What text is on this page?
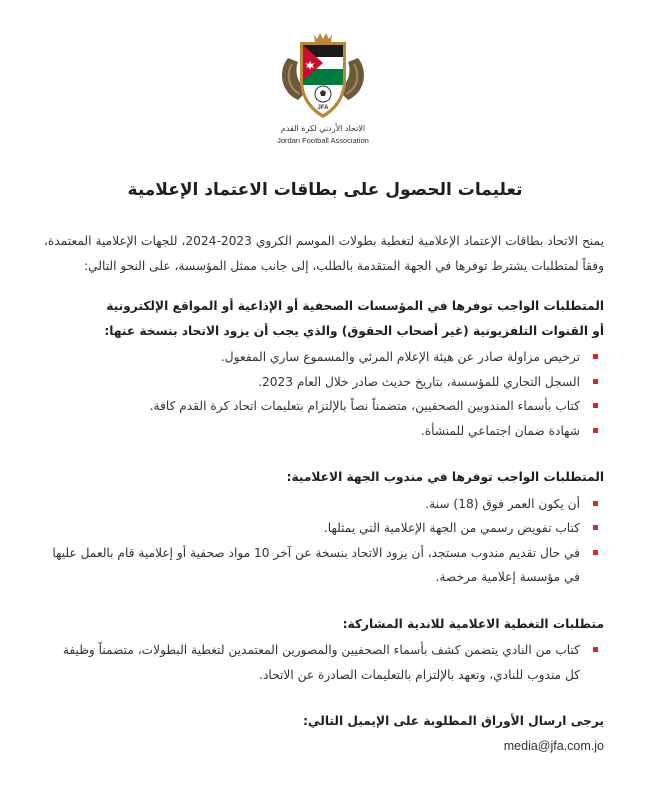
JFA
الاتحاد الأردني لكرة القدم
Jordan Football Association
تعليمات الحصول على بطاقات الاعتماد الإعلامية

يمنح الاتحاد بطاقات الإعتماد الإعلامية لتغطية بطولات الموسم الكروي 2023-2024، للجهات الإعلامية المعتمدة، وفقاً لمتطلبات يشترط توفرها في الجهة المتقدمة بالطلب، إلى جانب ممثل المؤسسة، على النحو التالي:

المتطلبات الواجب توفرها في المؤسسات الصحفية أو الإذاعية أو المواقع الإلكترونية

أو القنوات التلفزيونية (غير أصحاب الحقوق) والذي يجب أن يزود الاتحاد بنسخة عنها:

ترخيص مزاولة صادر عن هيئة الإعلام المرئي والمسموع ساري المفعول.
السجل التجاري للمؤسسة، بتاريخ حديث صادر خلال العام 2023.
كتاب بأسماء المندوبين الصحفيين، متضمناً نصاً بالإلتزام بتعليمات اتحاد كرة القدم كافة.
شهادة ضمان اجتماعي للمنشأة.

المتطلبات الواجب توفرها في مندوب الجهة الاعلامية:

أن يكون العمر فوق (18) سنة.
كتاب تفويض رسمي من الجهة الإعلامية التي يمثلها.
في حال تقديم مندوب مستجد، أن يزود الاتحاد بنسخة عن آخر 10 مواد صحفية أو إعلامية قام بالعمل عليها في مؤسسة إعلامية مرخصة.

متطلبات التغطية الاعلامية للاندية المشاركة:

كتاب من النادي يتضمن كشف بأسماء الصحفيين والمصورين المعتمدين لتغطية البطولات، متضمناً وظيفة كل مندوب للنادي، وتعهد بالإلتزام بالتعليمات الصادرة عن الاتحاد.

يرجى ارسال الأوراق المطلوبة على الإيميل التالي:

media@jfa.com.jo
